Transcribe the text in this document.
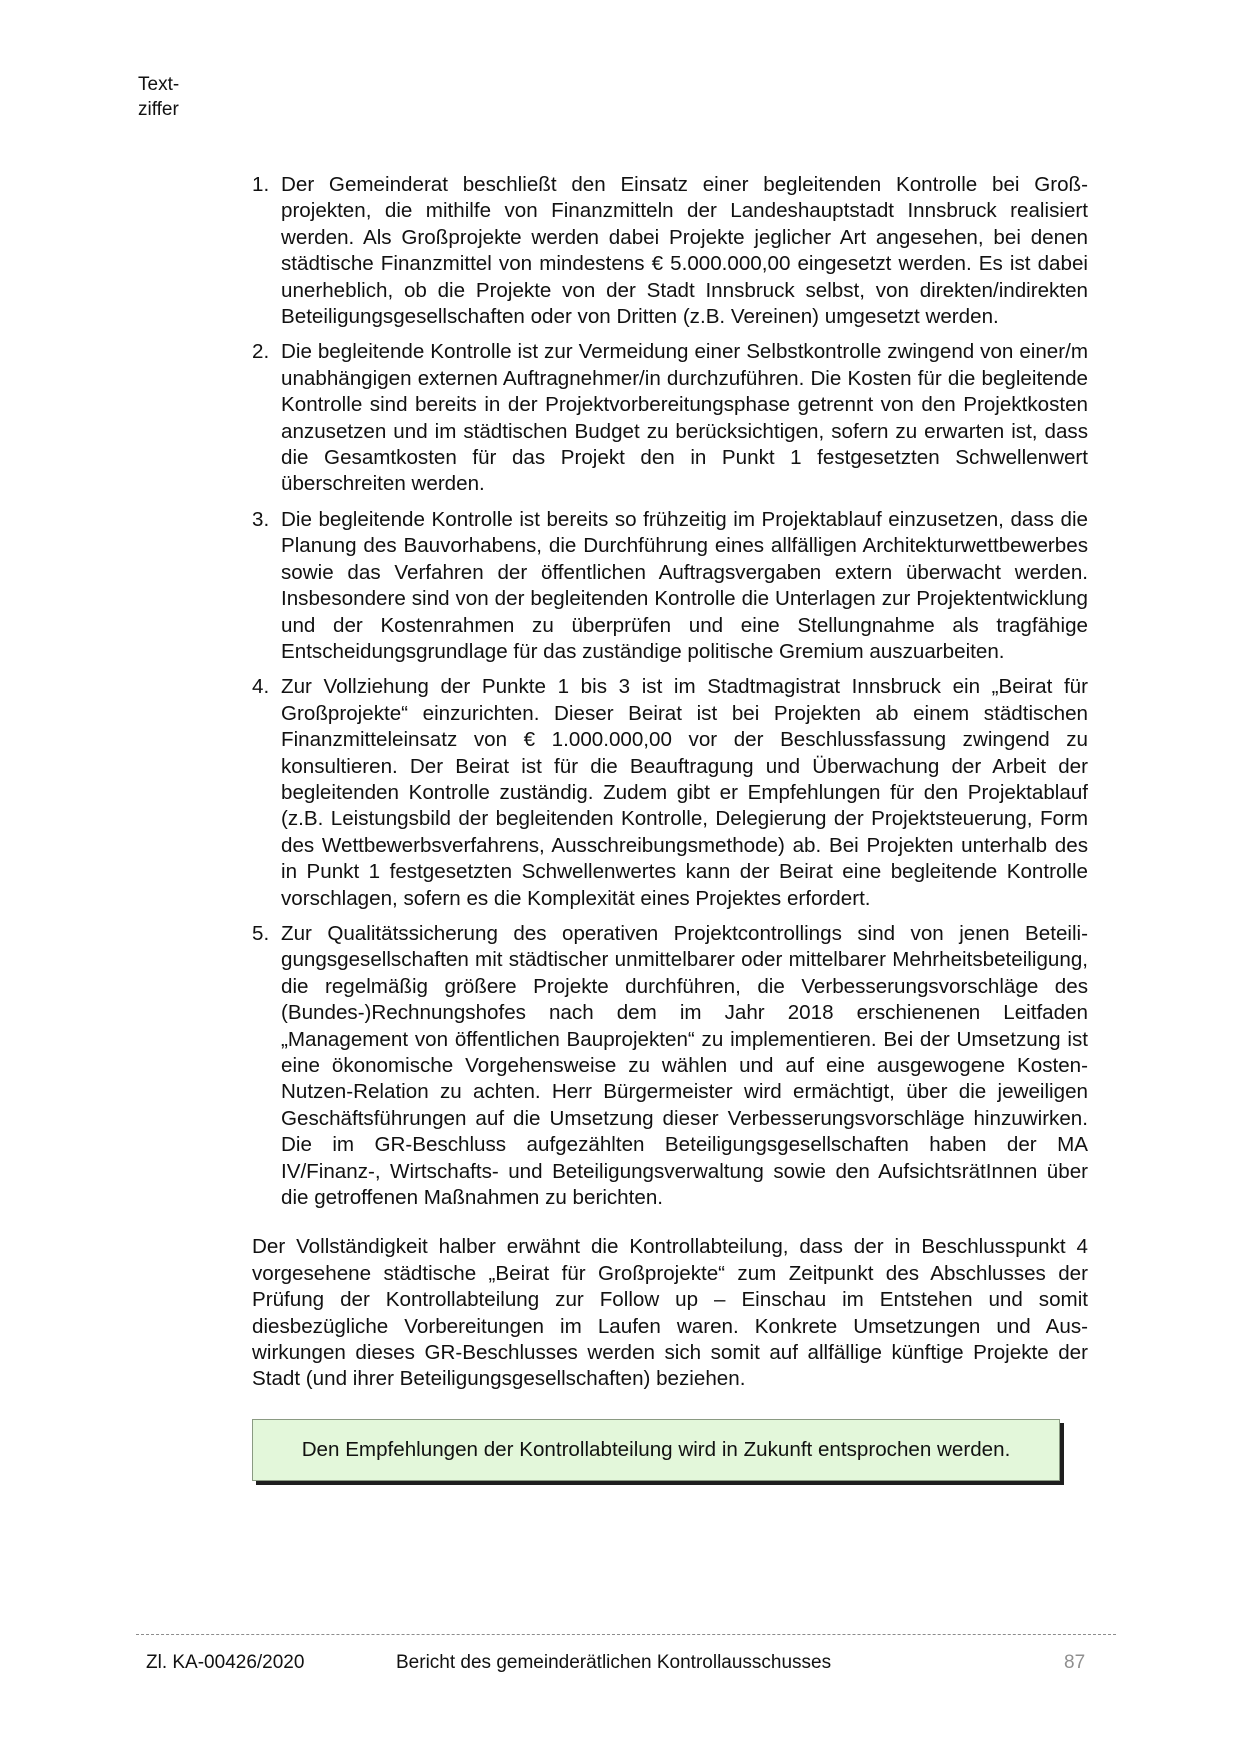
Text-
ziffer
1. Der Gemeinderat beschließt den Einsatz einer begleitenden Kontrolle bei Großprojekten, die mithilfe von Finanzmitteln der Landeshauptstadt Innsbruck realisiert werden. Als Großprojekte werden dabei Projekte jeglicher Art angesehen, bei denen städtische Finanzmittel von mindestens € 5.000.000,00 eingesetzt werden. Es ist dabei unerheblich, ob die Projekte von der Stadt Innsbruck selbst, von direkten/indirekten Beteiligungsgesellschaften oder von Dritten (z.B. Vereinen) umgesetzt werden.
2. Die begleitende Kontrolle ist zur Vermeidung einer Selbstkontrolle zwingend von einer/m unabhängigen externen Auftragnehmer/in durchzuführen. Die Kosten für die begleitende Kontrolle sind bereits in der Projektvorbereitungsphase getrennt von den Projektkosten anzusetzen und im städtischen Budget zu berücksichtigen, sofern zu erwarten ist, dass die Gesamtkosten für das Projekt den in Punkt 1 festgesetzten Schwellenwert überschreiten werden.
3. Die begleitende Kontrolle ist bereits so frühzeitig im Projektablauf einzusetzen, dass die Planung des Bauvorhabens, die Durchführung eines allfälligen Architekturwettbewerbes sowie das Verfahren der öffentlichen Auftragsvergaben extern überwacht werden. Insbesondere sind von der begleitenden Kontrolle die Unterlagen zur Projektentwicklung und der Kostenrahmen zu überprüfen und eine Stellungnahme als tragfähige Entscheidungsgrundlage für das zuständige politische Gremium auszuarbeiten.
4. Zur Vollziehung der Punkte 1 bis 3 ist im Stadtmagistrat Innsbruck ein „Beirat für Großprojekte“ einzurichten. Dieser Beirat ist bei Projekten ab einem städtischen Finanzmitteleinsatz von € 1.000.000,00 vor der Beschlussfassung zwingend zu konsultieren. Der Beirat ist für die Beauftragung und Überwachung der Arbeit der begleitenden Kontrolle zuständig. Zudem gibt er Empfehlungen für den Projektablauf (z.B. Leistungsbild der begleitenden Kontrolle, Delegierung der Projektsteuerung, Form des Wettbewerbsverfahrens, Ausschreibungsmethode) ab. Bei Projekten unterhalb des in Punkt 1 festgesetzten Schwellenwertes kann der Beirat eine begleitende Kontrolle vorschlagen, sofern es die Komplexität eines Projektes erfordert.
5. Zur Qualitätssicherung des operativen Projektcontrollings sind von jenen Beteiligungsgesellschaften mit städtischer unmittelbarer oder mittelbarer Mehrheitsbeteiligung, die regelmäßig größere Projekte durchführen, die Verbesserungsvorschläge des (Bundes-)Rechnungshofes nach dem im Jahr 2018 erschienenen Leitfaden „Management von öffentlichen Bauprojekten“ zu implementieren. Bei der Umsetzung ist eine ökonomische Vorgehensweise zu wählen und auf eine ausgewogene Kosten-Nutzen-Relation zu achten. Herr Bürgermeister wird ermächtigt, über die jeweiligen Geschäftsführungen auf die Umsetzung dieser Verbesserungsvorschläge hinzuwirken. Die im GR-Beschluss aufgezählten Beteiligungsgesellschaften haben der MA IV/Finanz-, Wirtschafts- und Beteiligungsverwaltung sowie den AufsichtsrätInnen über die getroffenen Maßnahmen zu berichten.

Der Vollständigkeit halber erwähnt die Kontrollabteilung, dass der in Beschlusspunkt 4 vorgesehene städtische „Beirat für Großprojekte“ zum Zeitpunkt des Abschlusses der Prüfung der Kontrollabteilung zur Follow up – Einschau im Entstehen und somit diesbezügliche Vorbereitungen im Laufen waren. Konkrete Umsetzungen und Auswirkungen dieses GR-Beschlusses werden sich somit auf allfällige künftige Projekte der Stadt (und ihrer Beteiligungsgesellschaften) beziehen.

Den Empfehlungen der Kontrollabteilung wird in Zukunft entsprochen werden.
Zl. KA-00426/2020	Bericht des gemeinderätlichen Kontrollausschusses	87
